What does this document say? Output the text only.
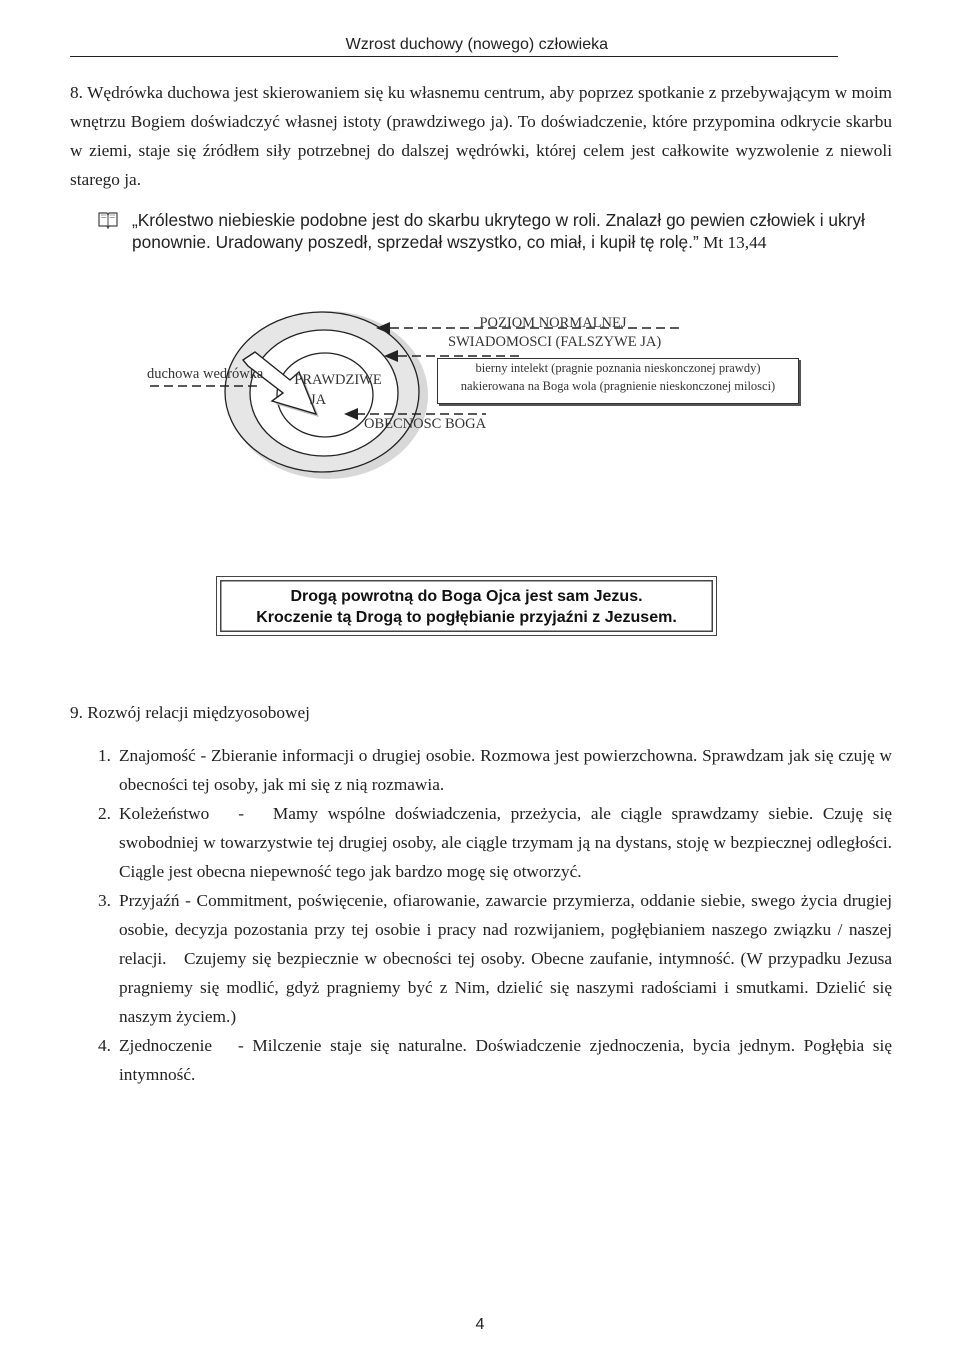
Wzrost duchowy (nowego) człowieka
8. Wędrówka duchowa jest skierowaniem się ku własnemu centrum, aby poprzez spotkanie z przebywającym w moim wnętrzu Bogiem doświadczyć własnej istoty (prawdziwego ja). To doświadczenie, które przypomina odkrycie skarbu w ziemi, staje się źródłem siły potrzebnej do dalszej wędrówki, której celem jest całkowite wyzwolenie z niewoli starego ja.
„Królestwo niebieskie podobne jest do skarbu ukrytego w roli. Znalazł go pewien człowiek i ukrył
ponownie. Uradowany poszedł, sprzedał wszystko, co miał, i kupił tę rolę.” Mt 13,44
duchowa wedrówka	PRAWDZIWE
JA
POZIOM NORMALNEJ
SWIADOMOSCI (FALSZYWE JA)
bierny intelekt (pragnie poznania nieskonczonej prawdy)
nakierowana na Boga wola (pragnienie nieskonczonej milosci)
OBECNOSC BOGA
Drogą powrotną do Boga Ojca jest sam Jezus.
Kroczenie tą Drogą to pogłębianie przyjaźni z Jezusem.
9. Rozwój relacji międzyosobowej
1. Znajomość - Zbieranie informacji o drugiej osobie. Rozmowa jest powierzchowna. Sprawdzam jak się czuję w obecności tej osoby, jak mi się z nią rozmawia.
2. Koleżeństwo   -   Mamy wspólne doświadczenia, przeżycia, ale ciągle sprawdzamy siebie. Czuję się swobodniej w towarzystwie tej drugiej osoby, ale ciągle trzymam ją na dystans, stoję w bezpiecznej odległości. Ciągle jest obecna niepewność tego jak bardzo mogę się otworzyć.
3. Przyjaźń - Commitment, poświęcenie, ofiarowanie, zawarcie przymierza, oddanie siebie, swego życia drugiej osobie, decyzja pozostania przy tej osobie i pracy nad rozwijaniem, pogłębianiem naszego związku / naszej relacji.   Czujemy się bezpiecznie w obecności tej osoby. Obecne zaufanie, intymność. (W przypadku Jezusa pragniemy się modlić, gdyż pragniemy być z Nim, dzielić się naszymi radościami i smutkami. Dzielić się naszym życiem.)
4. Zjednoczenie   - Milczenie staje się naturalne. Doświadczenie zjednoczenia, bycia jednym. Pogłębia się intymność.
4
